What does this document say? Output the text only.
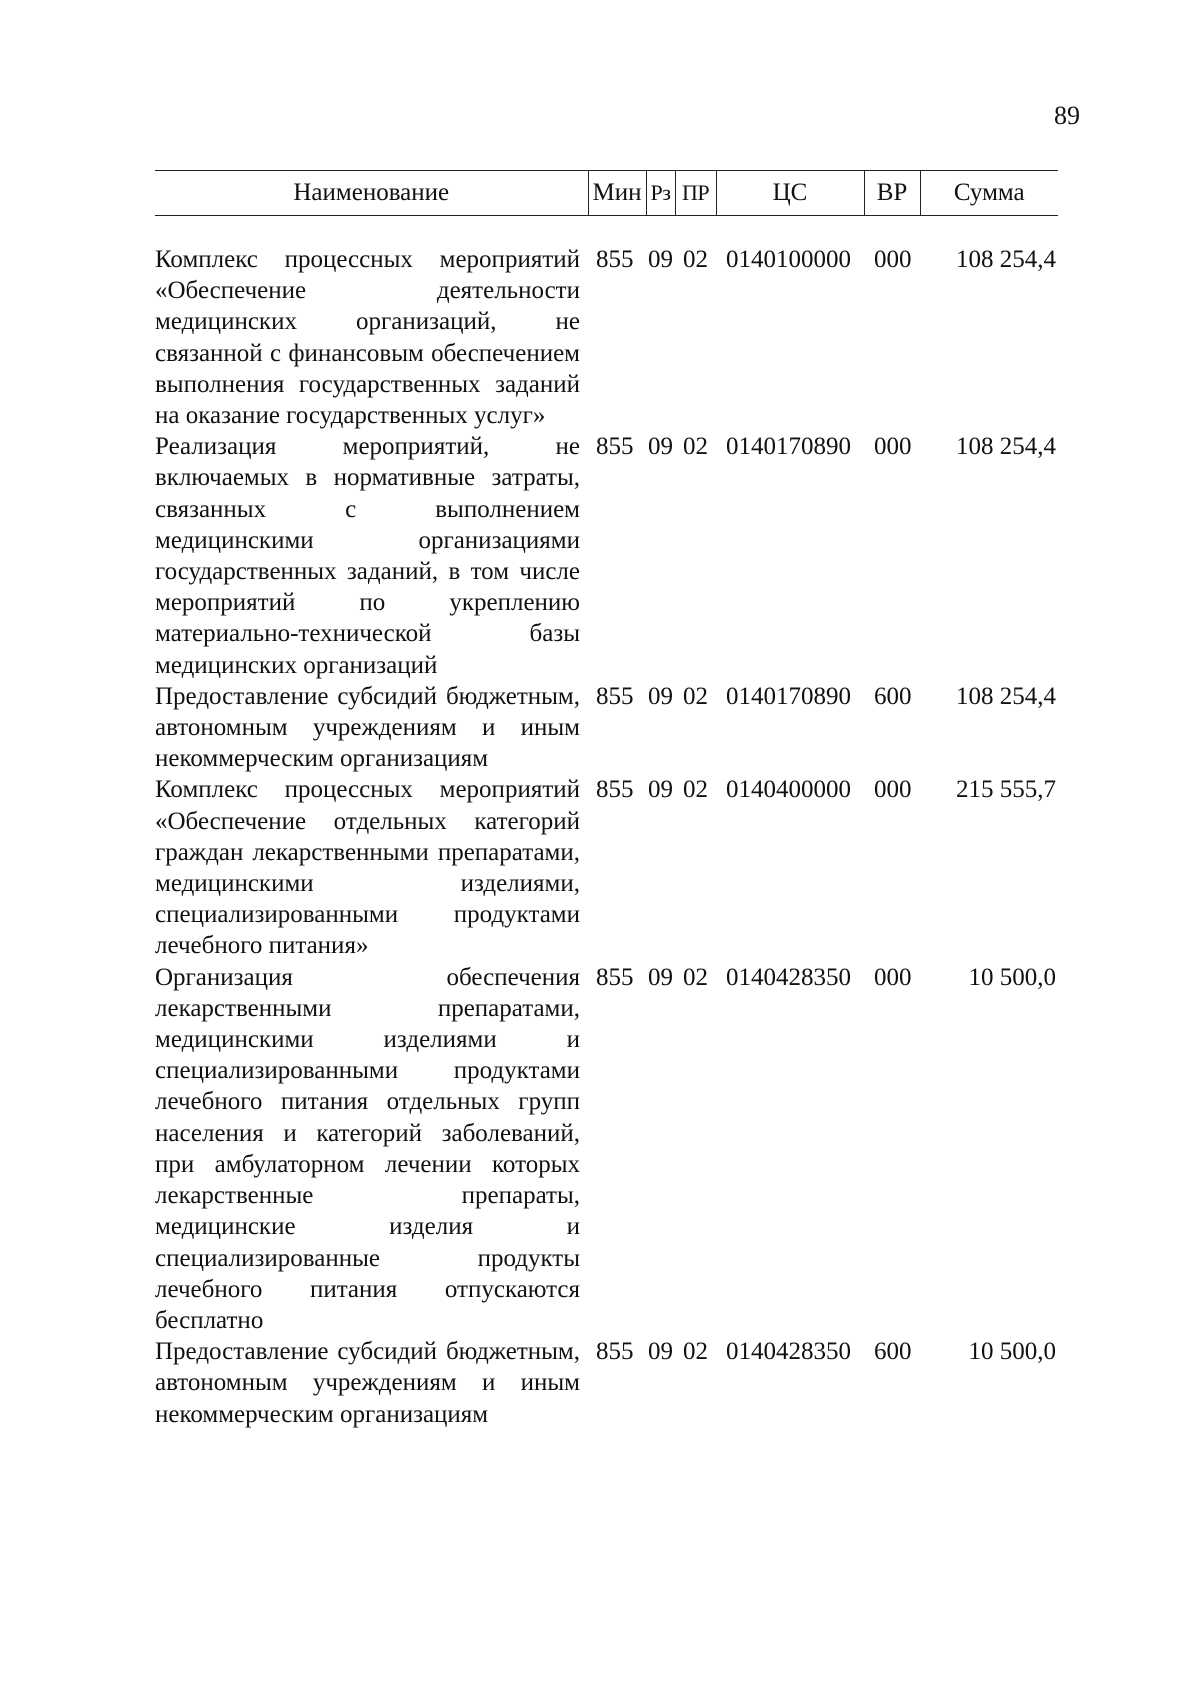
89
Наименование	Мин	Рз	ПР	ЦС	ВР	Сумма

Комплекс процессных мероприятий «Обеспечение деятельности медицинских организаций, не связанной с финансовым обеспечением выполнения государственных заданий на оказание государственных услуг»	855	09	02	0140100000	000	108 254,4
Реализация мероприятий, не включаемых в нормативные затраты, связанных с выполнением медицинскими организациями государственных заданий, в том числе мероприятий по укреплению материально-технической базы медицинских организаций	855	09	02	0140170890	000	108 254,4
Предоставление субсидий бюджетным, автономным учреждениям и иным некоммерческим организациям	855	09	02	0140170890	600	108 254,4
Комплекс процессных мероприятий «Обеспечение отдельных категорий граждан лекарственными препаратами, медицинскими изделиями, специализированными продуктами лечебного питания»	855	09	02	0140400000	000	215 555,7
Организация обеспечения лекарственными препаратами, медицинскими изделиями и специализированными продуктами лечебного питания отдельных групп населения и категорий заболеваний, при амбулаторном лечении которых лекарственные препараты, медицинские изделия и специализированные продукты лечебного питания отпускаются бесплатно	855	09	02	0140428350	000	10 500,0
Предоставление субсидий бюджетным, автономным учреждениям и иным некоммерческим организациям	855	09	02	0140428350	600	10 500,0
